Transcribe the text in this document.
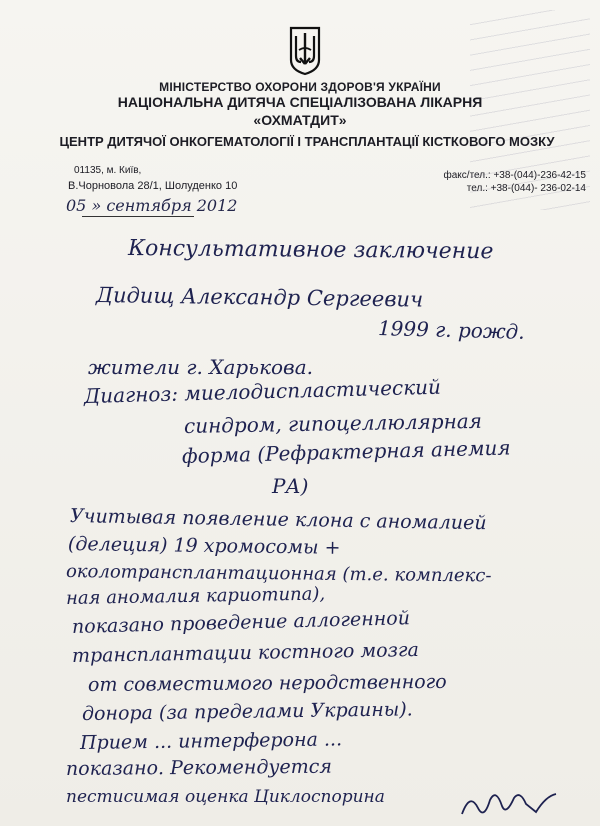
МІНІСТЕРСТВО ОХОРОНИ ЗДОРОВ'Я УКРАЇНИ
НАЦІОНАЛЬНА ДИТЯЧА СПЕЦІАЛІЗОВАНА ЛІКАРНЯ
«ОХМАТДИТ»
ЦЕНТР ДИТЯЧОЇ ОНКОГЕМАТОЛОГІЇ І ТРАНСПЛАНТАЦІЇ КІСТКОВОГО МОЗКУ
01135, м. Київ,
В.Чорновола 28/1, Шолуденко 10
факс/тел.: +38-(044)-236-42-15
тел.: +38-(044)- 236-02-14
05 » сентября 2012
Консультативное заключение
Дидищ Александр Сергеевич
1999 г. рожд.
жители г. Харькова.
Диагноз: миелодиспластический
синдром, гипоцеллюлярная
форма (Рефрактерная анемия
РА)
Учитывая появление клона с аномалией
(делеция) 19 хромосомы +
околотрансплантационная (т.е. комплекс-
ная аномалия кариотипа),
показано проведение аллогенной
трансплантации костного мозга
от совместимого неродственного
донора (за пределами Украины).
Прием ... интерферона ...
показано. Рекомендуется
пестисимая оценка Циклоспорина
